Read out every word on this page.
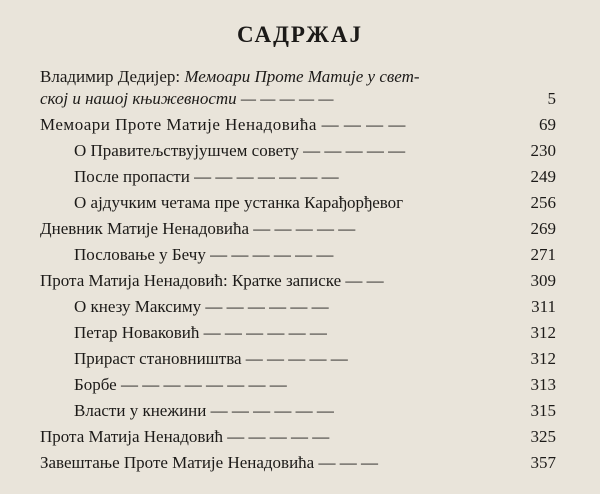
САДРЖАЈ
Владимир Дедијер: Мемоари Проте Матије у свет-
ској и нашој књижевности — — — — —	5
Мемоари Проте Матије Ненадовића — — — —	69
О Правитељствујушчем совету — — — — —	230
После пропасти — — — — — — —	249
О ајдучким четама пре устанка Карађорђевог	256
Дневник Матије Ненадовића — — — — —	269
Пословање у Бечу — — — — — —	271
Прота Матија Ненадовић: Кратке записке — —	309
О кнезу Максиму — — — — — —	311
Петар Новаковић — — — — — —	312
Прираст становништва — — — — —	312
Борбе — — — — — — — —	313
Власти у кнежини — — — — — —	315
Прота Матија Ненадовић — — — — —	325
Завештање Проте Матије Ненадовића — — —	357
